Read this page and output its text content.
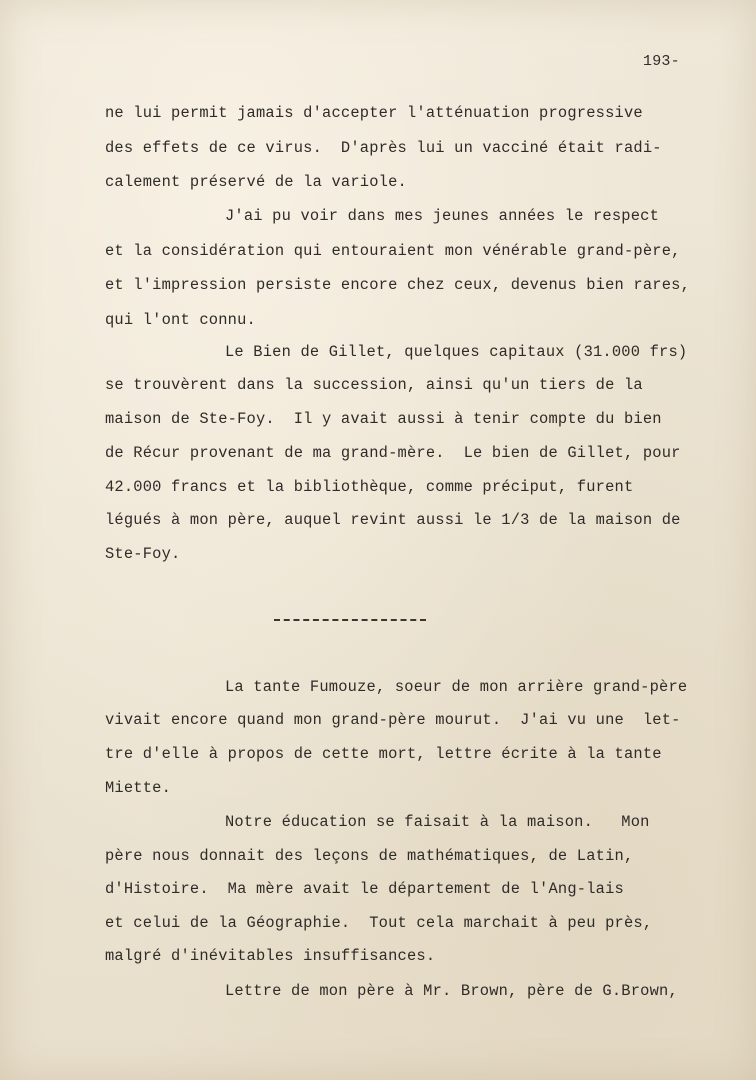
193-
ne lui permit jamais d'accepter l'atténuation progressive
des effets de ce virus.  D'après lui un vacciné était radi-
calement préservé de la variole.
J'ai pu voir dans mes jeunes années le respect
et la considération qui entouraient mon vénérable grand-père,
et l'impression persiste encore chez ceux, devenus bien rares,
qui l'ont connu.
Le Bien de Gillet, quelques capitaux (31.000 frs)
se trouvèrent dans la succession, ainsi qu'un tiers de la
maison de Ste-Foy.  Il y avait aussi à tenir compte du bien
de Récur provenant de ma grand-mère.  Le bien de Gillet, pour
42.000 francs et la bibliothèque, comme préciput, furent
légués à mon père, auquel revint aussi le 1/3 de la maison de
Ste-Foy.
La tante Fumouze, soeur de mon arrière grand-père
vivait encore quand mon grand-père mourut.  J'ai vu une  let-
tre d'elle à propos de cette mort, lettre écrite à la tante
Miette.
Notre éducation se faisait à la maison.   Mon
père nous donnait des leçons de mathématiques, de Latin,
d'Histoire.  Ma mère avait le département de l'Ang-lais
et celui de la Géographie.  Tout cela marchait à peu près,
malgré d'inévitables insuffisances.
Lettre de mon père à Mr. Brown, père de G.Brown,
